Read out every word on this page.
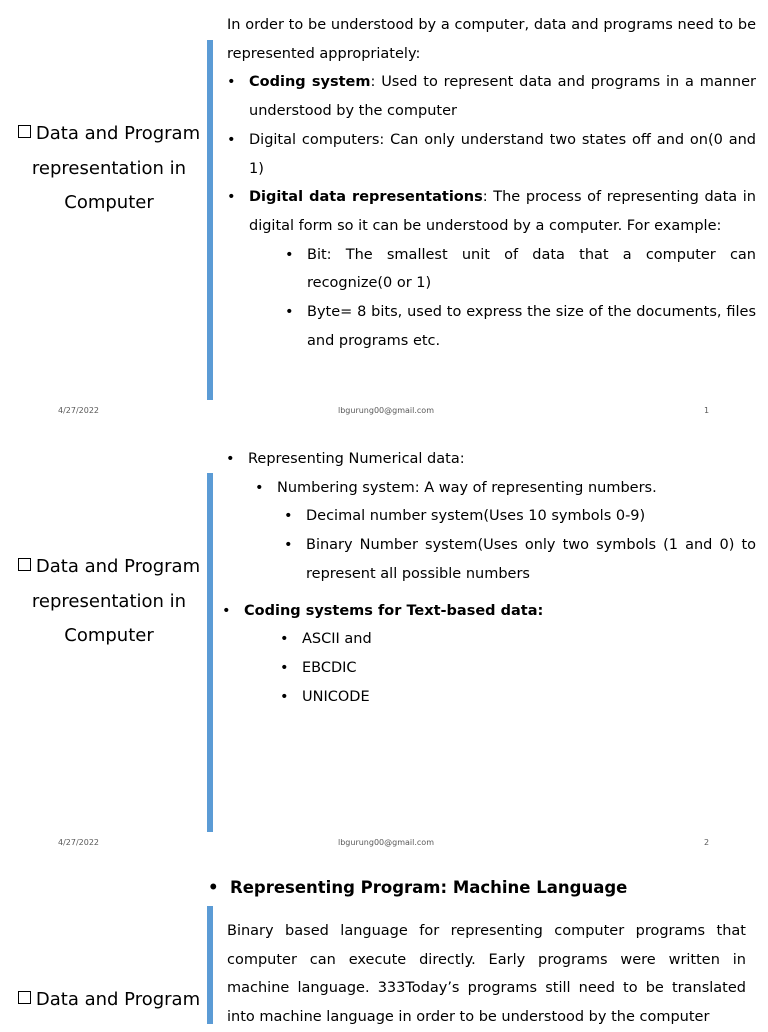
Data and Program
representation in
Computer
In order to be understood by a computer, data and programs need to be represented appropriately:
• Coding system: Used to represent data and programs in a manner understood by the computer
• Digital computers: Can only understand two states off and on(0 and 1)
• Digital data representations: The process of representing data in digital form so it can be understood by a computer. For example:
• Bit: The smallest unit of data that a computer can recognize(0 or 1)
• Byte= 8 bits, used to express the size of the documents, files and programs etc.
4/27/2022	lbgurung00@gmail.com	1
Data and Program
representation in
Computer
• Representing Numerical data:
• Numbering system: A way of representing numbers.
• Decimal number system(Uses 10 symbols 0-9)
• Binary Number system(Uses only two symbols (1 and 0) to represent all possible numbers
• Coding systems for Text-based data:
• ASCII and
• EBCDIC
• UNICODE
4/27/2022	lbgurung00@gmail.com	2
• Representing Program: Machine Language
Data and Program
Binary based language for representing computer programs that computer can execute directly. Early programs were written in machine language. 333Today’s programs still need to be translated into machine language in order to be understood by the computer
